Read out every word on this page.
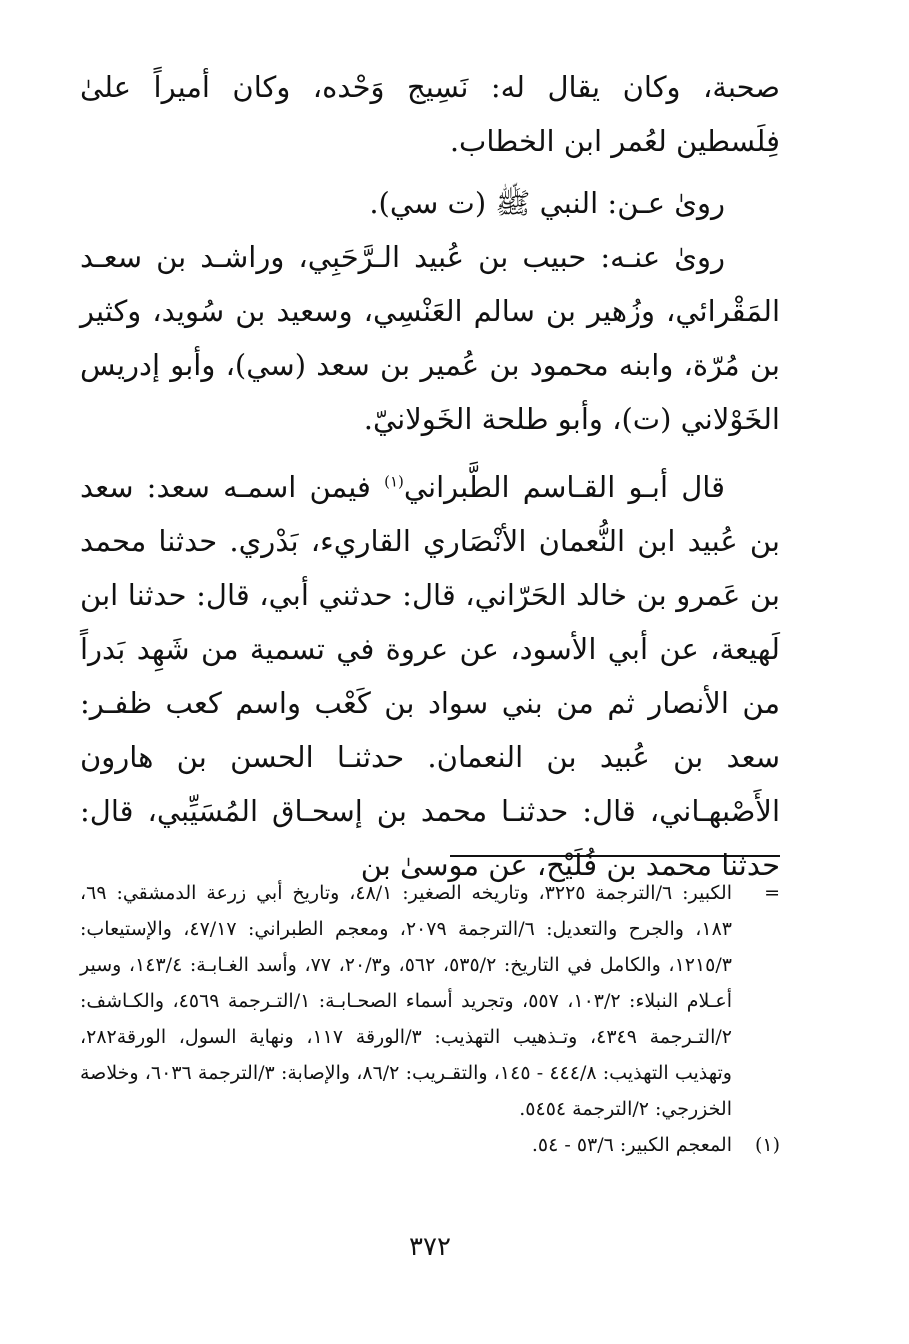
صحبة، وكان يقال له: نَسِيج وَحْده، وكان أميراً علىٰ فِلَسطين لعُمر ابن الخطاب.

رویٰ عـن: النبي ﷺ (ت سي).

رویٰ عنـه: حبيب بن عُبيد الـرَّحَبِي، وراشـد بن سعـد المَقْرائي، وزُهير بن سالم العَنْسِي، وسعيد بن سُويد، وكثير بن مُرّة، وابنه محمود بن عُمير بن سعد (سي)، وأبو إدريس الخَوْلاني (ت)، وأبو طلحة الخَولانيّ.

قال أبـو القـاسم الطَّبراني$^{(١)}$ فيمن اسمـه سعد: سعد بن عُبيد ابن النُّعمان الأنْصَاري القاريء، بَدْري. حدثنا محمد بن عَمرو بن خالد الحَرّاني، قال: حدثني أبي، قال: حدثنا ابن لَهيعة، عن أبي الأسود، عن عروة في تسمية من شَهِد بَدراً من الأنصار ثم من بني سواد بن كَعْب واسم كعب ظفـر: سعد بن عُبيد بن النعمان. حدثنـا الحسن بن هارون الأَصْبهـاني، قال: حدثنـا محمد بن إسحـاق المُسَيِّبي، قال: حدثنا محمد بن فُلَيْح، عن موسىٰ بن

=
الكبير: ٦/الترجمة ٣٢٢٥، وتاريخه الصغير: ٤٨/١، وتاريخ أبي زرعة الدمشقي: ٦٩، ١٨٣، والجرح والتعديل: ٦/الترجمة ٢٠٧٩، ومعجم الطبراني: ٤٧/١٧، والإستيعاب: ١٢١٥/٣، والكامل في التاريخ: ٥٣٥/٢، ٥٦٢، و٢٠/٣، ٧٧، وأسد الغـابـة: ١٤٣/٤، وسير أعـلام النبلاء: ١٠٣/٢، ٥٥٧، وتجريد أسماء الصحـابـة: ١/التـرجمة ٤٥٦٩، والكـاشف: ٢/التـرجمة ٤٣٤٩، وتـذهيب التهذيب: ٣/الورقة ١١٧، ونهاية السول، الورقة٢٨٢، وتهذيب التهذيب: ٤٤٤/٨ - ١٤٥، والتقـريب: ٨٦/٢، والإصابة: ٣/الترجمة ٦٠٣٦، وخلاصة الخزرجي: ٢/الترجمة ٥٤٥٤.
(١)
المعجم الكبير: ٥٣/٦ - ٥٤.
٣٧٢
